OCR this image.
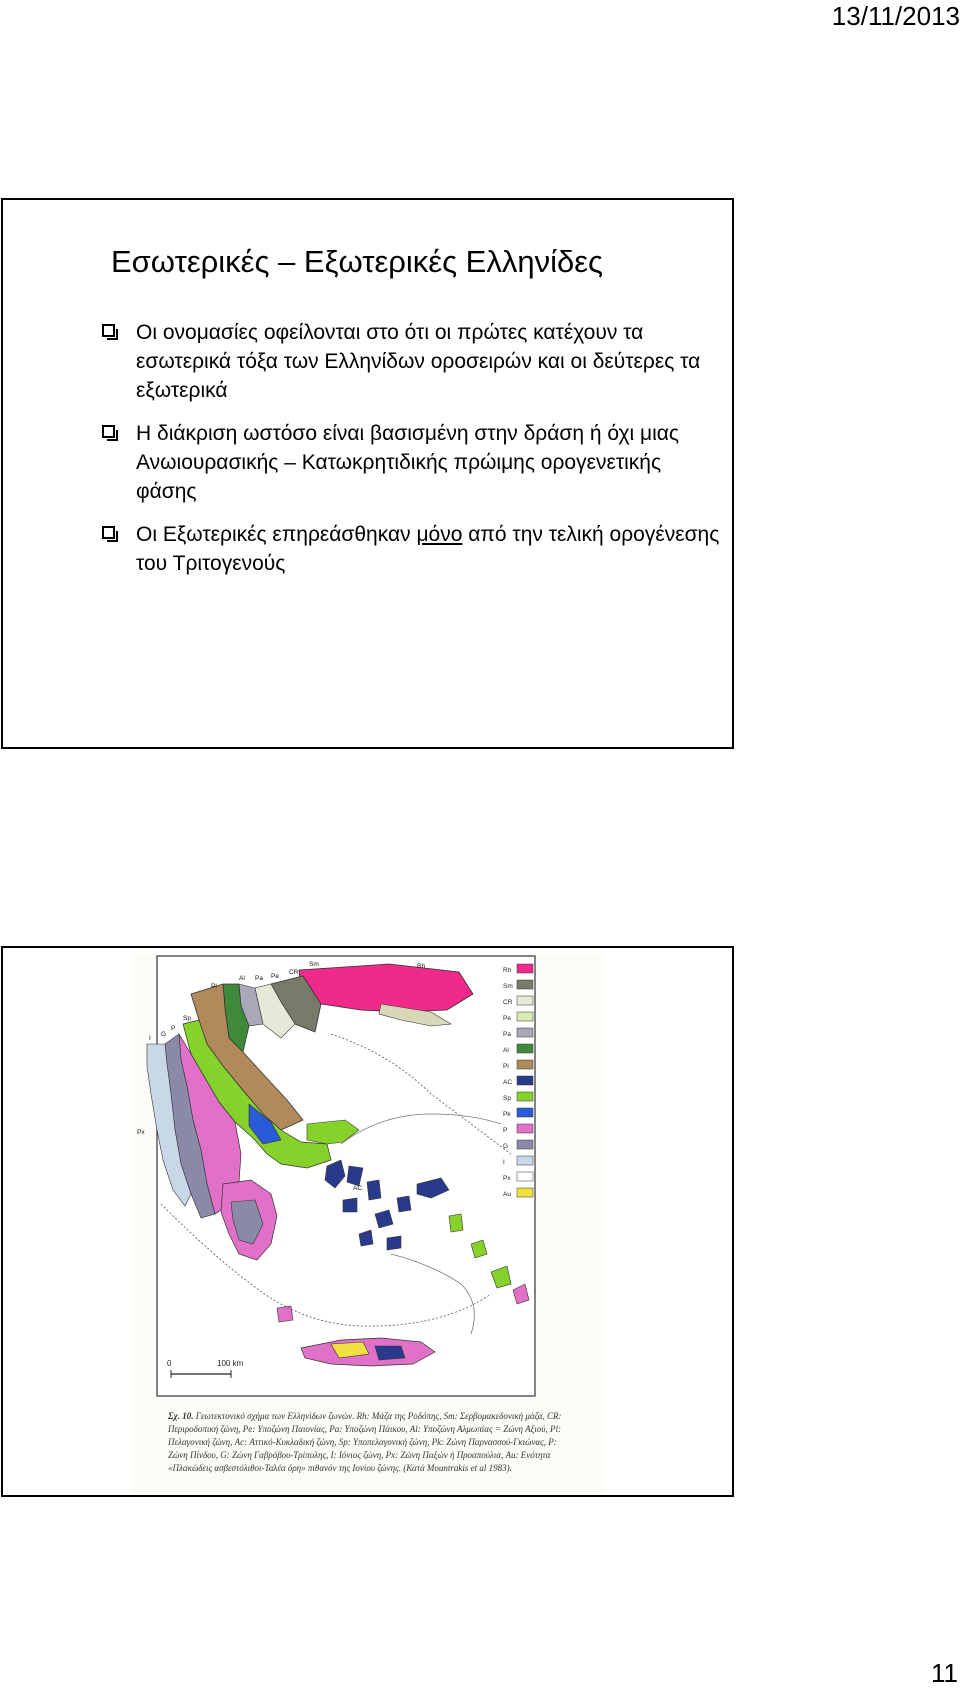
13/11/2013
Εσωτερικές – Εξωτερικές Ελληνίδες
Οι ονομασίες οφείλονται στο ότι οι πρώτες κατέχουν τα εσωτερικά τόξα των Ελληνίδων οροσειρών και οι δεύτερες τα εξωτερικά
Η διάκριση ωστόσο είναι βασισμένη στην δράση ή όχι μιας Ανωιουρασικής – Κατωκρητιδικής πρώιμης ορογενετικής φάσης
Οι Εξωτερικές επηρεάσθηκαν μόνο από την τελική ορογένεσης του Τριτογενούς
Rh
Sm
CR
Pe
Pa
Al
Pl
AC
Sp
Pk
P
G
I
Px
Au
Rh
Sm
CR
Pe
Pa
Al
Pl
AC
Sp
P
G
I
Px
0	100 km
Σχ. 10. Γεωτεκτονικό σχήμα των Ελληνίδων ζωνών. Rh: Μάζα της Ροδόπης, Sm: Σερβομακεδονική μάζα, CR: Περιροδοπική ζώνη, Pe: Υποζώνη Παιονίας, Pa: Υποζώνη Πάικου, Al: Υποζώνη Αλμωπίας = Ζώνη Αξιού, Pl: Πελαγονική ζώνη, Ac: Αττικό-Κυκλαδική ζώνη, Sp: Υποπελαγονική ζώνη, Pk: Ζώνη Παρνασσού-Γκιώνας, P: Ζώνη Πίνδου, G: Ζώνη Γαβρόβου-Τρίπολης, I: Ιόνιος ζώνη, Px: Ζώνη Παξών ή Προαπούλια, Au: Ενότητα «Πλακώδεις ασβεστόλιθοι-Ταλέα όρη» πιθανόν της Ιονίου ζώνης. (Κατά Mountrakis et al 1983).
11
